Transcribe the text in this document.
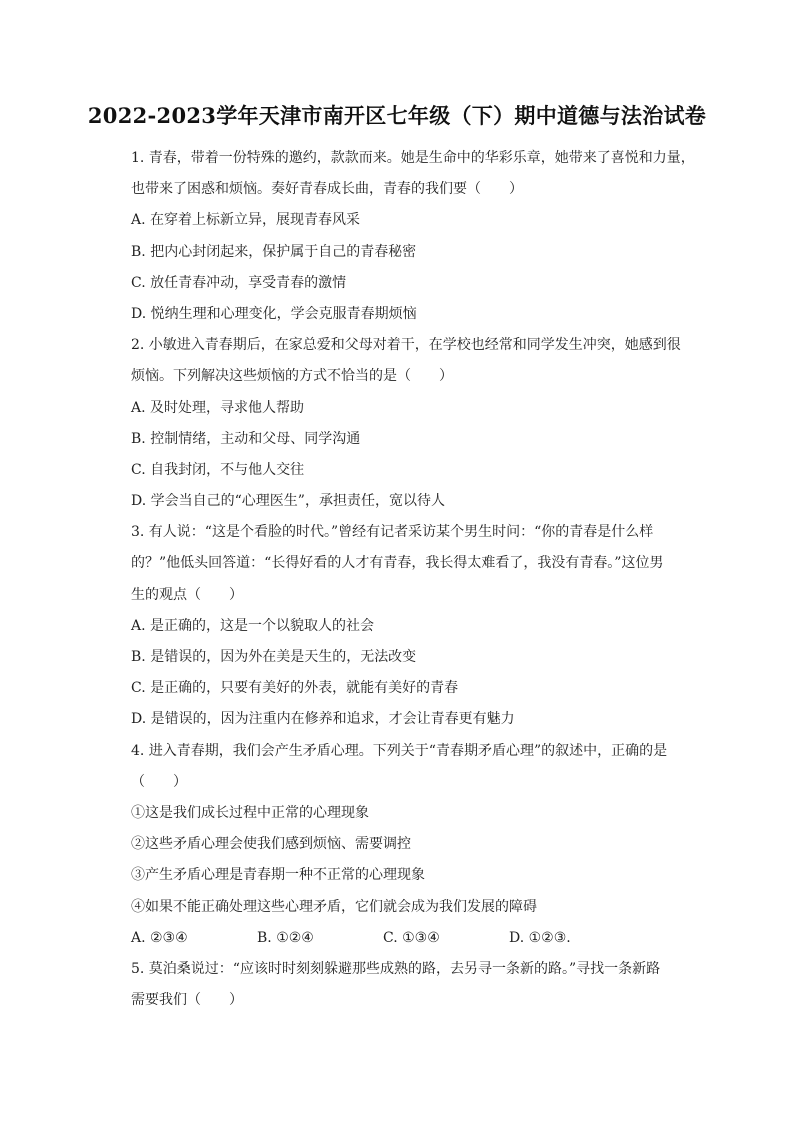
2022-2023学年天津市南开区七年级（下）期中道德与法治试卷
1. 青春，带着一份特殊的邀约，款款而来。她是生命中的华彩乐章，她带来了喜悦和力量，
也带来了困惑和烦恼。奏好青春成长曲，青春的我们要（　　）
A. 在穿着上标新立异，展现青春风采
B. 把内心封闭起来，保护属于自己的青春秘密
C. 放任青春冲动，享受青春的激情
D. 悦纳生理和心理变化，学会克服青春期烦恼
2. 小敏进入青春期后，在家总爱和父母对着干，在学校也经常和同学发生冲突，她感到很
烦恼。下列解决这些烦恼的方式不恰当的是（　　）
A. 及时处理，寻求他人帮助
B. 控制情绪，主动和父母、同学沟通
C. 自我封闭，不与他人交往
D. 学会当自己的“心理医生”，承担责任，宽以待人
3. 有人说：“这是个看脸的时代。”曾经有记者采访某个男生时问：“你的青春是什么样
的？”他低头回答道：“长得好看的人才有青春，我长得太难看了，我没有青春。”这位男
生的观点（　　）
A. 是正确的，这是一个以貌取人的社会
B. 是错误的，因为外在美是天生的，无法改变
C. 是正确的，只要有美好的外表，就能有美好的青春
D. 是错误的，因为注重内在修养和追求，才会让青春更有魅力
4. 进入青春期，我们会产生矛盾心理。下列关于“青春期矛盾心理”的叙述中，正确的是
（　　）
①这是我们成长过程中正常的心理现象
②这些矛盾心理会使我们感到烦恼、需要调控
③产生矛盾心理是青春期一种不正常的心理现象
④如果不能正确处理这些心理矛盾，它们就会成为我们发展的障碍
A. ②③④	B. ①②④	C. ①③④	D. ①②③.
5. 莫泊桑说过：“应该时时刻刻躲避那些成熟的路，去另寻一条新的路。”寻找一条新路
需要我们（　　）
